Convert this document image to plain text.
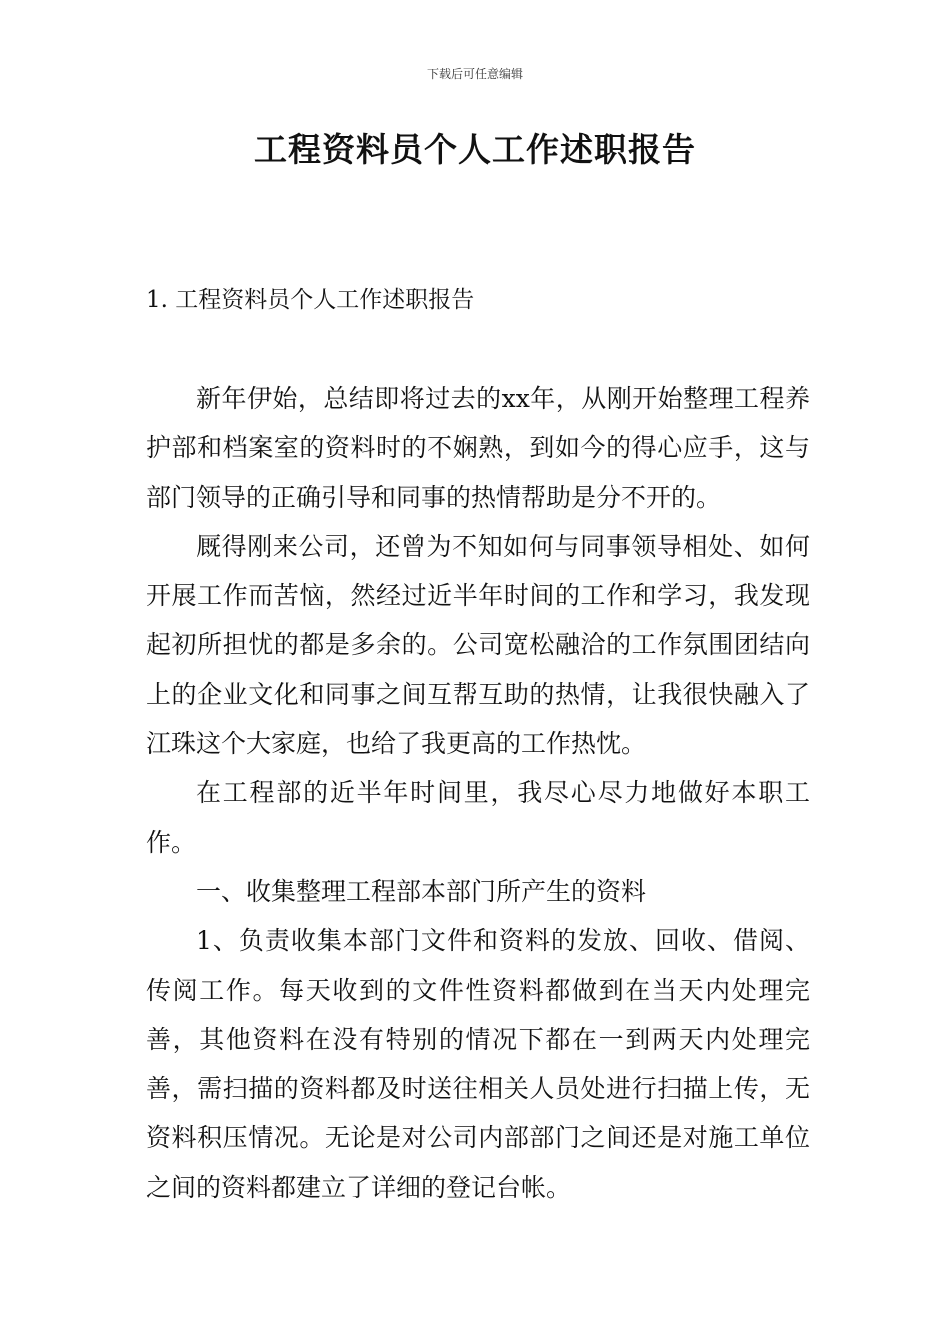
下载后可任意编辑
工程资料员个人工作述职报告
1. 工程资料员个人工作述职报告

新年伊始，总结即将过去的xx年，从刚开始整理工程养护部和档案室的资料时的不娴熟，到如今的得心应手，这与部门领导的正确引导和同事的热情帮助是分不开的。

厩得刚来公司，还曾为不知如何与同事领导相处、如何开展工作而苦恼，然经过近半年时间的工作和学习，我发现起初所担忧的都是多余的。公司宽松融洽的工作氛围团结向上的企业文化和同事之间互帮互助的热情，让我很快融入了江珠这个大家庭，也给了我更高的工作热忱。

在工程部的近半年时间里，我尽心尽力地做好本职工作。

一、收集整理工程部本部门所产生的资料

1、负责收集本部门文件和资料的发放、回收、借阅、传阅工作。每天收到的文件性资料都做到在当天内处理完善，其他资料在没有特别的情况下都在一到两天内处理完善，需扫描的资料都及时送往相关人员处进行扫描上传，无资料积压情况。无论是对公司内部部门之间还是对施工单位之间的资料都建立了详细的登记台帐。
